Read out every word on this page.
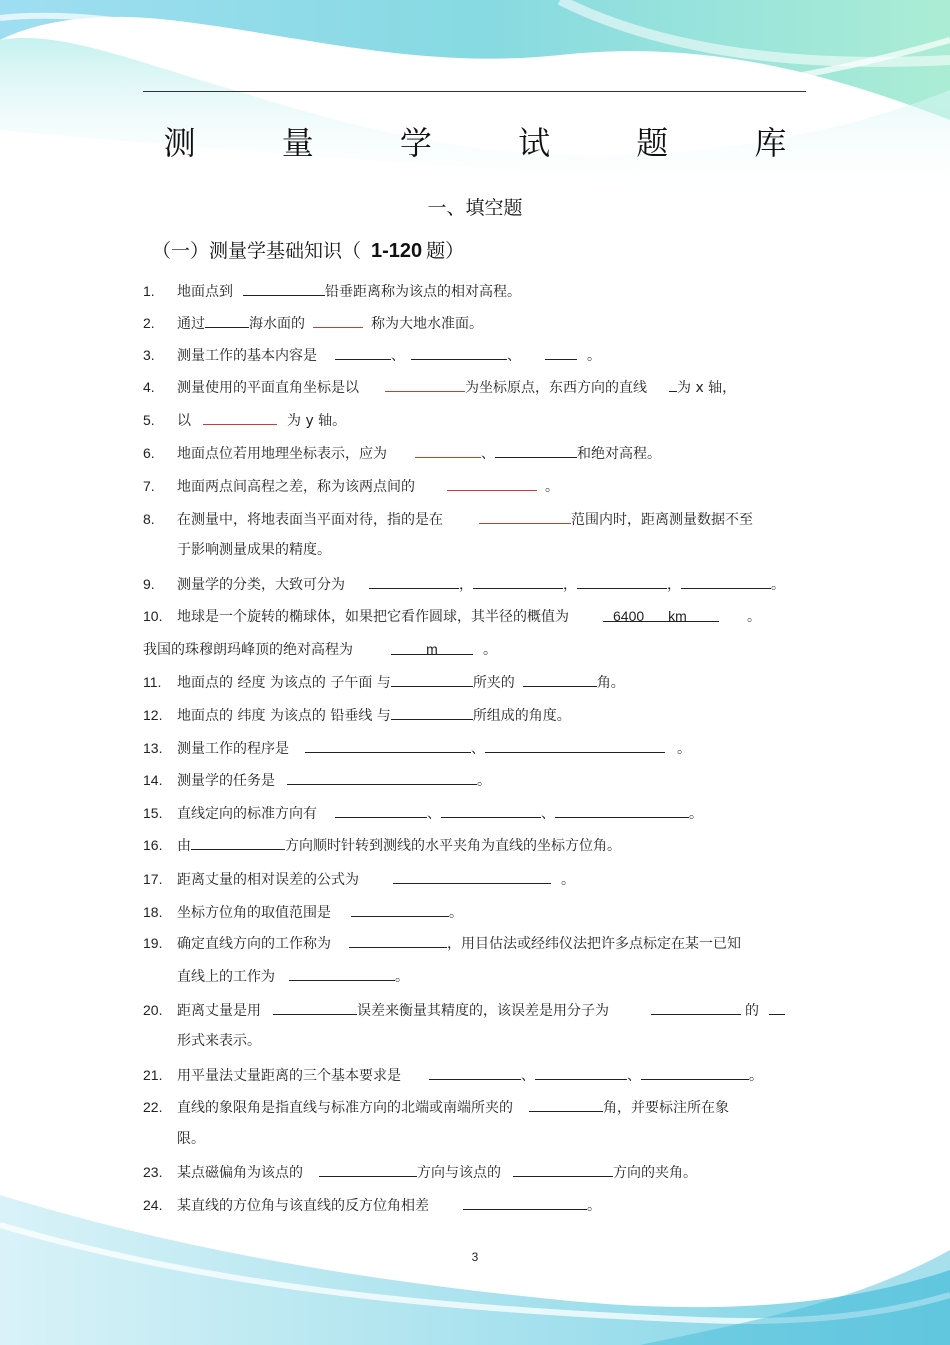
测 量 学 试 题 库
一、填空题
（一）测量学基础知识（ 1-120 题）
1. 地面点到	铅垂距离称为该点的相对高程。
2. 通过	海水面的	称为大地水准面。
3. 测量工作的基本内容是	、	、	。
4. 测量使用的平面直角坐标是以	为坐标原点，东西方向的直线 为 x 轴，
5. 以	为 y 轴。
6. 地面点位若用地理坐标表示，应为	、	和绝对高程。
7. 地面两点间高程之差，称为该两点间的	。
8. 在测量中，将地表面当平面对待，指的是在	范围内时，距离测量数据不至
于影响测量成果的精度。
9. 测量学的分类，大致可分为	，	，	，	。
10. 地球是一个旋转的椭球体，如果把它看作圆球，其半径的概值为	6400 km	。
我国的珠穆朗玛峰顶的绝对高程为	m	。
11. 地面点的 经度 为该点的 子午面 与	所夹的	角。
12. 地面点的 纬度 为该点的 铅垂线 与	所组成的角度。
13. 测量工作的程序是	、	。
14. 测量学的任务是	。
15. 直线定向的标准方向有	、	、	。
16. 由	方向顺时针转到测线的水平夹角为直线的坐标方位角。
17. 距离丈量的相对误差的公式为	。
18. 坐标方位角的取值范围是	。
19. 确定直线方向的工作称为	，用目估法或经纬仪法把许多点标定在某一已知
直线上的工作为	。
20. 距离丈量是用	误差来衡量其精度的，该误差是用分子为	的
形式来表示。
21. 用平量法丈量距离的三个基本要求是	、	、	。
22. 直线的象限角是指直线与标准方向的北端或南端所夹的	角，并要标注所在象
限。
23. 某点磁偏角为该点的	方向与该点的	方向的夹角。
24. 某直线的方位角与该直线的反方位角相差	。
3
